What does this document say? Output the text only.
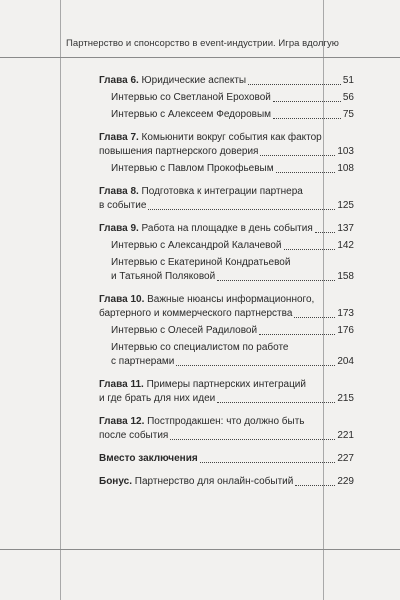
Партнерство и спонсорство в event-индустрии. Игра вдолгую
Глава 6. Юридические аспекты	51
Интервью со Светланой Ероховой	56
Интервью с Алексеем Федоровым	75
Глава 7. Комьюнити вокруг события как фактор
повышения партнерского доверия	103
Интервью с Павлом Прокофьевым	108
Глава 8. Подготовка к интеграции партнера
в событие	125
Глава 9. Работа на площадке в день события 137
Интервью с Александрой Калачевой	142
Интервью с Екатериной Кондратьевой
и Татьяной Поляковой	158
Глава 10. Важные нюансы информационного,
бартерного и коммерческого партнерства	173
Интервью с Олесей Радиловой	176
Интервью со специалистом по работе
с партнерами	204
Глава 11. Примеры партнерских интеграций
и где брать для них идеи	215
Глава 12. Постпродакшен: что должно быть
после события	221
Вместо заключения	227
Бонус. Партнерство для онлайн-событий	229
